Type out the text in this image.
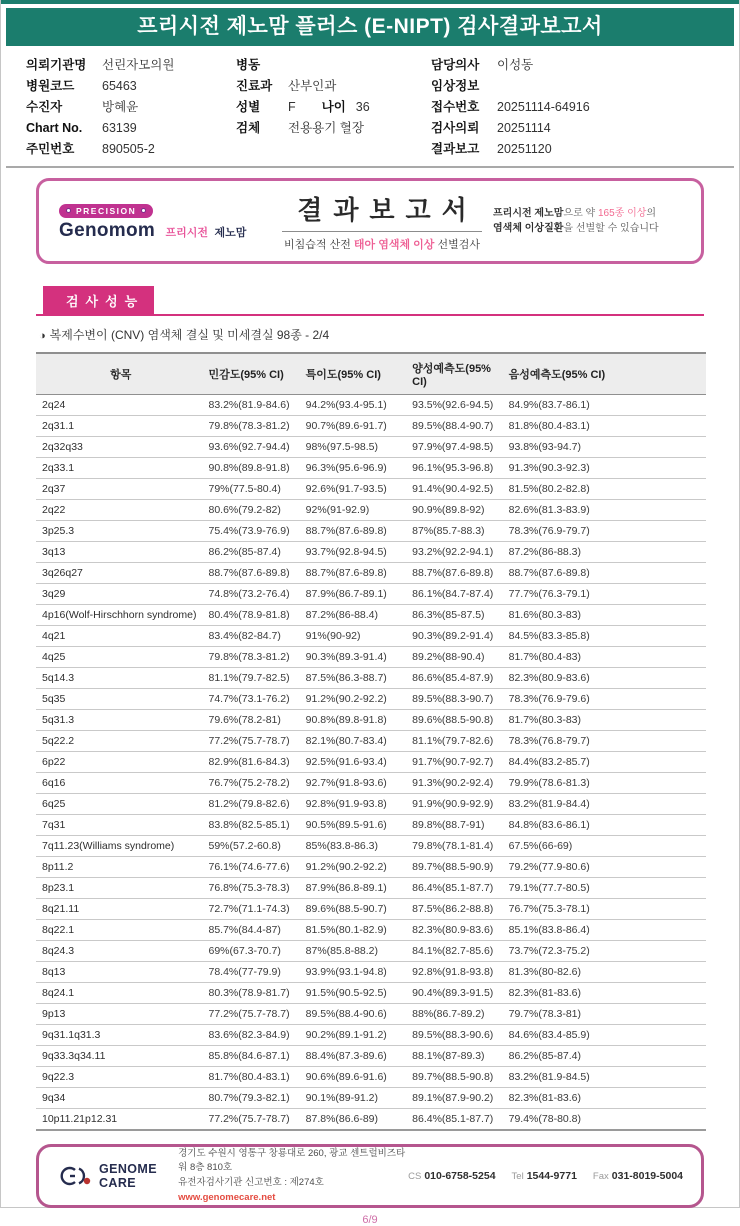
프리시전 제노맘 플러스 (E-NIPT) 검사결과보고서
의뢰기관명	선린자모의원
병원코드	65463
수진자	방혜윤
Chart No.	63139
주민번호	890505-2
병동
진료과	산부인과
성별	F 나이 36
검체	전용용기 혈장
담당의사	이성동
임상정보
접수번호	20251114-64916
검사의뢰	20251114
결과보고	20251120
PRECISION
Genomom 프리시전 제노맘
결과보고서
비침습적 산전 태아 염색체 이상 선별검사
프리시전 제노맘으로 약 165종 이상의
염색체 이상질환을 선별할 수 있습니다
검사성능
◑ 복제수변이 (CNV) 염색체 결실 및 미세결실 98종 - 2/4
항목	민감도(95% CI)	특이도(95% CI)	양성예측도(95% CI)	음성예측도(95% CI)
2q24	83.2%(81.9-84.6)	94.2%(93.4-95.1)	93.5%(92.6-94.5)	84.9%(83.7-86.1)
2q31.1	79.8%(78.3-81.2)	90.7%(89.6-91.7)	89.5%(88.4-90.7)	81.8%(80.4-83.1)
2q32q33	93.6%(92.7-94.4)	98%(97.5-98.5)	97.9%(97.4-98.5)	93.8%(93-94.7)
2q33.1	90.8%(89.8-91.8)	96.3%(95.6-96.9)	96.1%(95.3-96.8)	91.3%(90.3-92.3)
2q37	79%(77.5-80.4)	92.6%(91.7-93.5)	91.4%(90.4-92.5)	81.5%(80.2-82.8)
2q22	80.6%(79.2-82)	92%(91-92.9)	90.9%(89.8-92)	82.6%(81.3-83.9)
3p25.3	75.4%(73.9-76.9)	88.7%(87.6-89.8)	87%(85.7-88.3)	78.3%(76.9-79.7)
3q13	86.2%(85-87.4)	93.7%(92.8-94.5)	93.2%(92.2-94.1)	87.2%(86-88.3)
3q26q27	88.7%(87.6-89.8)	88.7%(87.6-89.8)	88.7%(87.6-89.8)	88.7%(87.6-89.8)
3q29	74.8%(73.2-76.4)	87.9%(86.7-89.1)	86.1%(84.7-87.4)	77.7%(76.3-79.1)
4p16(Wolf-Hirschhorn syndrome)	80.4%(78.9-81.8)	87.2%(86-88.4)	86.3%(85-87.5)	81.6%(80.3-83)
4q21	83.4%(82-84.7)	91%(90-92)	90.3%(89.2-91.4)	84.5%(83.3-85.8)
4q25	79.8%(78.3-81.2)	90.3%(89.3-91.4)	89.2%(88-90.4)	81.7%(80.4-83)
5q14.3	81.1%(79.7-82.5)	87.5%(86.3-88.7)	86.6%(85.4-87.9)	82.3%(80.9-83.6)
5q35	74.7%(73.1-76.2)	91.2%(90.2-92.2)	89.5%(88.3-90.7)	78.3%(76.9-79.6)
5q31.3	79.6%(78.2-81)	90.8%(89.8-91.8)	89.6%(88.5-90.8)	81.7%(80.3-83)
5q22.2	77.2%(75.7-78.7)	82.1%(80.7-83.4)	81.1%(79.7-82.6)	78.3%(76.8-79.7)
6p22	82.9%(81.6-84.3)	92.5%(91.6-93.4)	91.7%(90.7-92.7)	84.4%(83.2-85.7)
6q16	76.7%(75.2-78.2)	92.7%(91.8-93.6)	91.3%(90.2-92.4)	79.9%(78.6-81.3)
6q25	81.2%(79.8-82.6)	92.8%(91.9-93.8)	91.9%(90.9-92.9)	83.2%(81.9-84.4)
7q31	83.8%(82.5-85.1)	90.5%(89.5-91.6)	89.8%(88.7-91)	84.8%(83.6-86.1)
7q11.23(Williams syndrome)	59%(57.2-60.8)	85%(83.8-86.3)	79.8%(78.1-81.4)	67.5%(66-69)
8p11.2	76.1%(74.6-77.6)	91.2%(90.2-92.2)	89.7%(88.5-90.9)	79.2%(77.9-80.6)
8p23.1	76.8%(75.3-78.3)	87.9%(86.8-89.1)	86.4%(85.1-87.7)	79.1%(77.7-80.5)
8q21.11	72.7%(71.1-74.3)	89.6%(88.5-90.7)	87.5%(86.2-88.8)	76.7%(75.3-78.1)
8q22.1	85.7%(84.4-87)	81.5%(80.1-82.9)	82.3%(80.9-83.6)	85.1%(83.8-86.4)
8q24.3	69%(67.3-70.7)	87%(85.8-88.2)	84.1%(82.7-85.6)	73.7%(72.3-75.2)
8q13	78.4%(77-79.9)	93.9%(93.1-94.8)	92.8%(91.8-93.8)	81.3%(80-82.6)
8q24.1	80.3%(78.9-81.7)	91.5%(90.5-92.5)	90.4%(89.3-91.5)	82.3%(81-83.6)
9p13	77.2%(75.7-78.7)	89.5%(88.4-90.6)	88%(86.7-89.2)	79.7%(78.3-81)
9q31.1q31.3	83.6%(82.3-84.9)	90.2%(89.1-91.2)	89.5%(88.3-90.6)	84.6%(83.4-85.9)
9q33.3q34.11	85.8%(84.6-87.1)	88.4%(87.3-89.6)	88.1%(87-89.3)	86.2%(85-87.4)
9q22.3	81.7%(80.4-83.1)	90.6%(89.6-91.6)	89.7%(88.5-90.8)	83.2%(81.9-84.5)
9q34	80.7%(79.3-82.1)	90.1%(89-91.2)	89.1%(87.9-90.2)	82.3%(81-83.6)
10p11.21p12.31	77.2%(75.7-78.7)	87.8%(86.6-89)	86.4%(85.1-87.7)	79.4%(78-80.8)
GENOME CARE
경기도 수원시 영통구 창룡대로 260, 광교 센트럴비즈타워 8층 810호
유전자검사기관 신고번호 : 제274호
www.genomecare.net
CS 010-6758-5254 Tel 1544-9771 Fax 031-8019-5004
6/9
